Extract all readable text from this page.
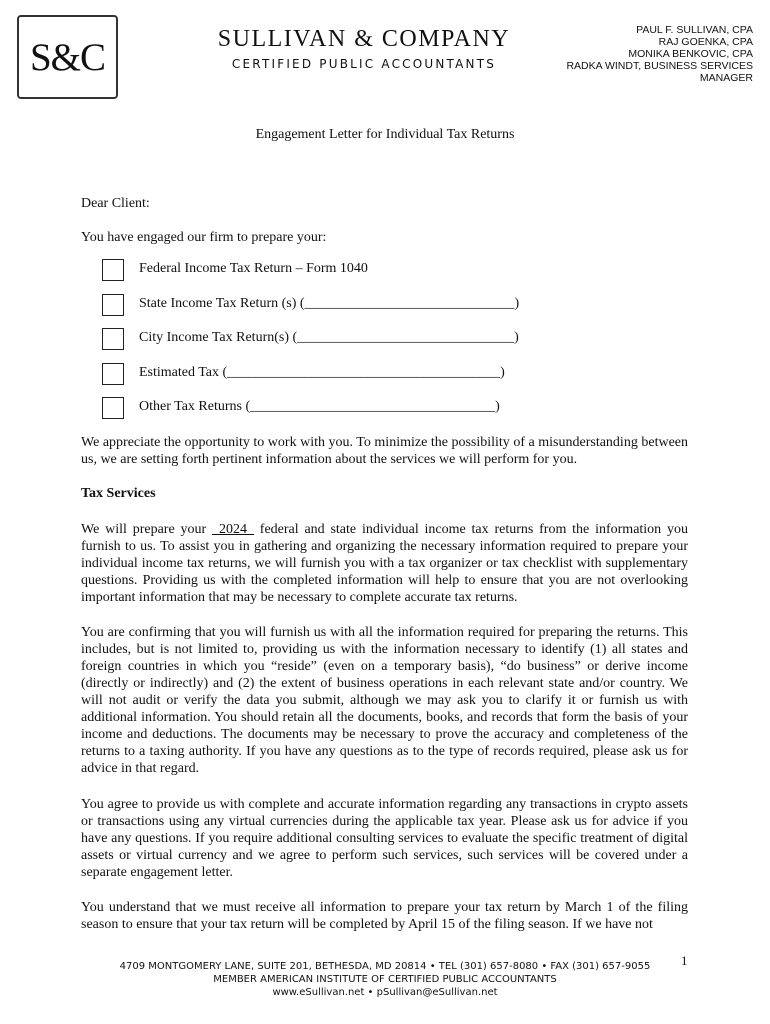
S&C	SULLIVAN & COMPANY
CERTIFIED PUBLIC ACCOUNTANTS
PAUL F. SULLIVAN, CPA
RAJ GOENKA, CPA
MONIKA BENKOVIC, CPA
RADKA WINDT, BUSINESS SERVICES
MANAGER
Engagement Letter for Individual Tax Returns
Dear Client:
You have engaged our firm to prepare your:
Federal Income Tax Return – Form 1040
State Income Tax Return (s) (______________________________)
City Income Tax Return(s) (_______________________________)
Estimated Tax (_______________________________________)
Other Tax Returns (___________________________________)

We appreciate the opportunity to work with you. To minimize the possibility of a misunderstanding between us, we are setting forth pertinent information about the services we will perform for you.

Tax Services

We will prepare your _2024_ federal and state individual income tax returns from the information you furnish to us. To assist you in gathering and organizing the necessary information required to prepare your individual income tax returns, we will furnish you with a tax organizer or tax checklist with supplementary questions. Providing us with the completed information will help to ensure that you are not overlooking important information that may be necessary to complete accurate tax returns.

You are confirming that you will furnish us with all the information required for preparing the returns. This includes, but is not limited to, providing us with the information necessary to identify (1) all states and foreign countries in which you “reside” (even on a temporary basis), “do business” or derive income (directly or indirectly) and (2) the extent of business operations in each relevant state and/or country. We will not audit or verify the data you submit, although we may ask you to clarify it or furnish us with additional information. You should retain all the documents, books, and records that form the basis of your income and deductions. The documents may be necessary to prove the accuracy and completeness of the returns to a taxing authority. If you have any questions as to the type of records required, please ask us for advice in that regard.

You agree to provide us with complete and accurate information regarding any transactions in crypto assets or transactions using any virtual currencies during the applicable tax year. Please ask us for advice if you have any questions. If you require additional consulting services to evaluate the specific treatment of digital assets or virtual currency and we agree to perform such services, such services will be covered under a separate engagement letter.

You understand that we must receive all information to prepare your tax return by March 1 of the filing season to ensure that your tax return will be completed by April 15 of the filing season. If we have not

1
4709 MONTGOMERY LANE, SUITE 201, BETHESDA, MD 20814 • TEL (301) 657-8080 • FAX (301) 657-9055
MEMBER AMERICAN INSTITUTE OF CERTIFIED PUBLIC ACCOUNTANTS
www.eSullivan.net • pSullivan@eSullivan.net
